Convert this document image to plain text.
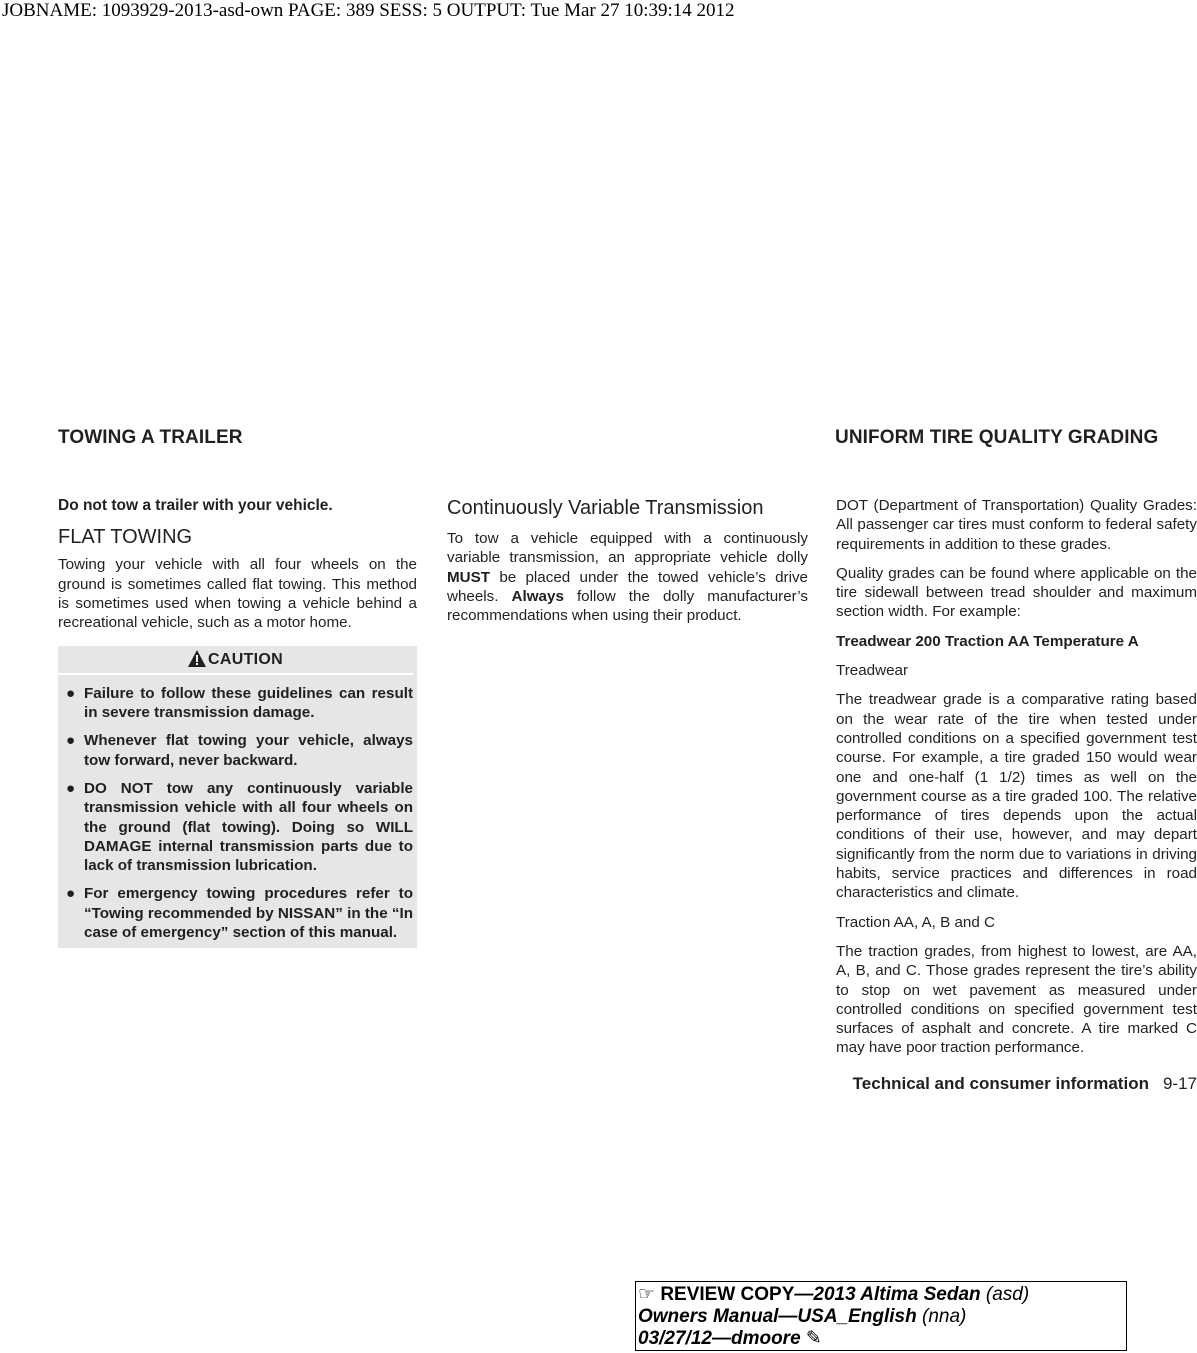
JOBNAME: 1093929-2013-asd-own PAGE: 389 SESS: 5 OUTPUT: Tue Mar 27 10:39:14 2012
TOWING A TRAILER	UNIFORM TIRE QUALITY GRADING

Do not tow a trailer with your vehicle.

FLAT TOWING

Towing your vehicle with all four wheels on the ground is sometimes called flat towing. This method is sometimes used when towing a vehicle behind a recreational vehicle, such as a motor home.

CAUTION
● Failure to follow these guidelines can result in severe transmission damage.
● Whenever flat towing your vehicle, always tow forward, never backward.
● DO NOT tow any continuously variable transmission vehicle with all four wheels on the ground (flat towing). Doing so WILL DAMAGE internal transmission parts due to lack of transmission lubrication.
● For emergency towing procedures refer to “Towing recommended by NISSAN” in the “In case of emergency” section of this manual.
Continuously Variable Transmission

To tow a vehicle equipped with a continuously variable transmission, an appropriate vehicle dolly MUST be placed under the towed vehicle’s drive wheels. Always follow the dolly manufacturer’s recommendations when using their product.

DOT (Department of Transportation) Quality Grades: All passenger car tires must conform to federal safety requirements in addition to these grades.

Quality grades can be found where applicable on the tire sidewall between tread shoulder and maximum section width. For example:

Treadwear 200 Traction AA Temperature A

Treadwear

The treadwear grade is a comparative rating based on the wear rate of the tire when tested under controlled conditions on a specified government test course. For example, a tire graded 150 would wear one and one-half (1 1/2) times as well on the government course as a tire graded 100. The relative performance of tires depends upon the actual conditions of their use, however, and may depart significantly from the norm due to variations in driving habits, service practices and differences in road characteristics and climate.

Traction AA, A, B and C

The traction grades, from highest to lowest, are AA, A, B, and C. Those grades represent the tire’s ability to stop on wet pavement as measured under controlled conditions on specified government test surfaces of asphalt and concrete. A tire marked C may have poor traction performance.

Technical and consumer information 9-17
☞ REVIEW COPY—2013 Altima Sedan (asd)
Owners Manual—USA_English (nna)
03/27/12—dmoore ✎
